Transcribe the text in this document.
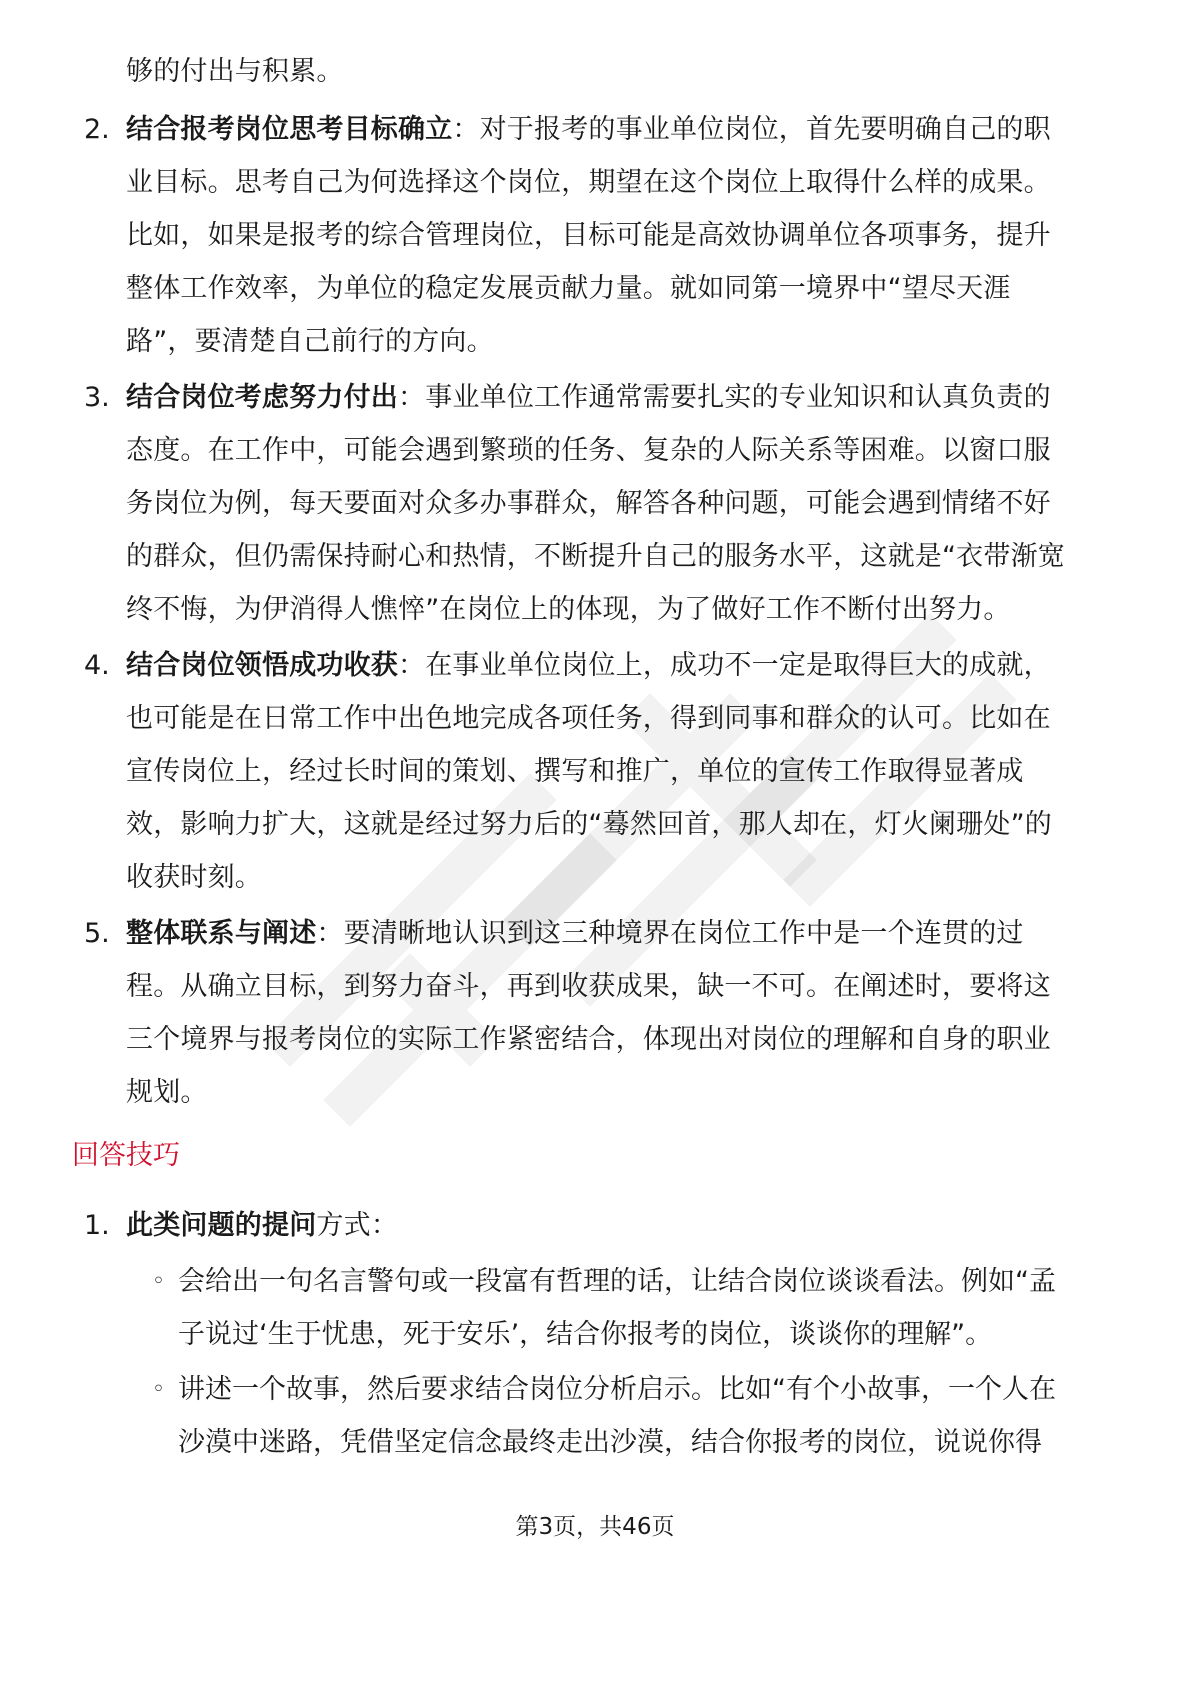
够的付出与积累。
2. 结合报考岗位思考目标确立：对于报考的事业单位岗位，首先要明确自己的职
业目标。思考自己为何选择这个岗位，期望在这个岗位上取得什么样的成果。
比如，如果是报考的综合管理岗位，目标可能是高效协调单位各项事务，提升
整体工作效率，为单位的稳定发展贡献力量。就如同第一境界中“望尽天涯
路”，要清楚自己前行的方向。
3. 结合岗位考虑努力付出：事业单位工作通常需要扎实的专业知识和认真负责的
态度。在工作中，可能会遇到繁琐的任务、复杂的人际关系等困难。以窗口服
务岗位为例，每天要面对众多办事群众，解答各种问题，可能会遇到情绪不好
的群众，但仍需保持耐心和热情，不断提升自己的服务水平，这就是“衣带渐宽
终不悔，为伊消得人憔悴”在岗位上的体现，为了做好工作不断付出努力。
4. 结合岗位领悟成功收获：在事业单位岗位上，成功不一定是取得巨大的成就，
也可能是在日常工作中出色地完成各项任务，得到同事和群众的认可。比如在
宣传岗位上，经过长时间的策划、撰写和推广，单位的宣传工作取得显著成
效，影响力扩大，这就是经过努力后的“蓦然回首，那人却在，灯火阑珊处”的
收获时刻。
5. 整体联系与阐述：要清晰地认识到这三种境界在岗位工作中是一个连贯的过
程。从确立目标，到努力奋斗，再到收获成果，缺一不可。在阐述时，要将这
三个境界与报考岗位的实际工作紧密结合，体现出对岗位的理解和自身的职业
规划。
回答技巧
1. 此类问题的提问方式：
◦ 会给出一句名言警句或一段富有哲理的话，让结合岗位谈谈看法。例如“孟
子说过‘生于忧患，死于安乐’，结合你报考的岗位，谈谈你的理解”。
◦ 讲述一个故事，然后要求结合岗位分析启示。比如“有个小故事，一个人在
沙漠中迷路，凭借坚定信念最终走出沙漠，结合你报考的岗位，说说你得
第3页，共46页
